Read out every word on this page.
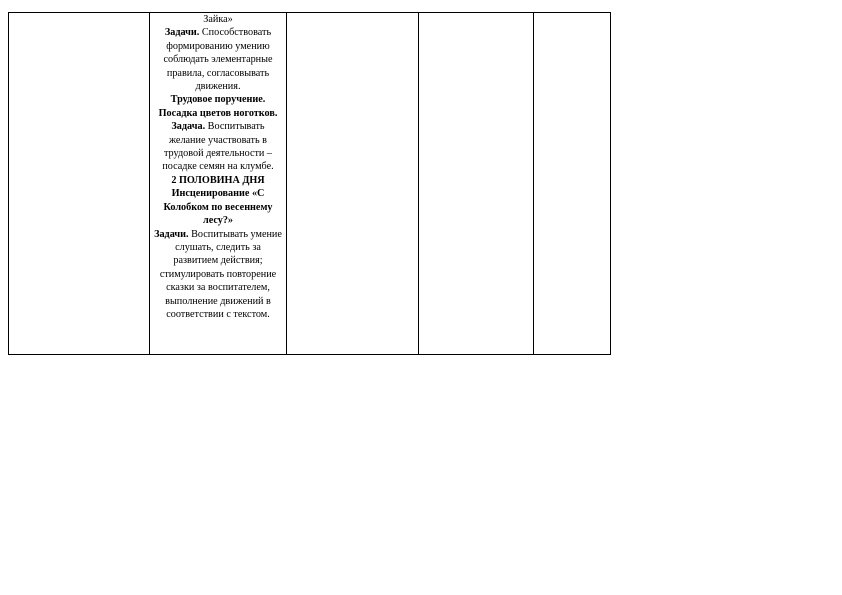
Зайка»

Задачи. Способствовать формированию умению соблюдать элементарные правила, согласовывать движения.

Трудовое поручение. Посадка цветов ноготков.

Задача. Воспитывать желание участвовать в трудовой деятельности – посадке семян на клумбе.

2 ПОЛОВИНА ДНЯ

Инсценирование «С Колобком по весеннему лесу?»

Задачи. Воспитывать умение слушать, следить за развитием действия; стимулировать повторение сказки за воспитателем, выполнение движений в соответствии с текстом.
